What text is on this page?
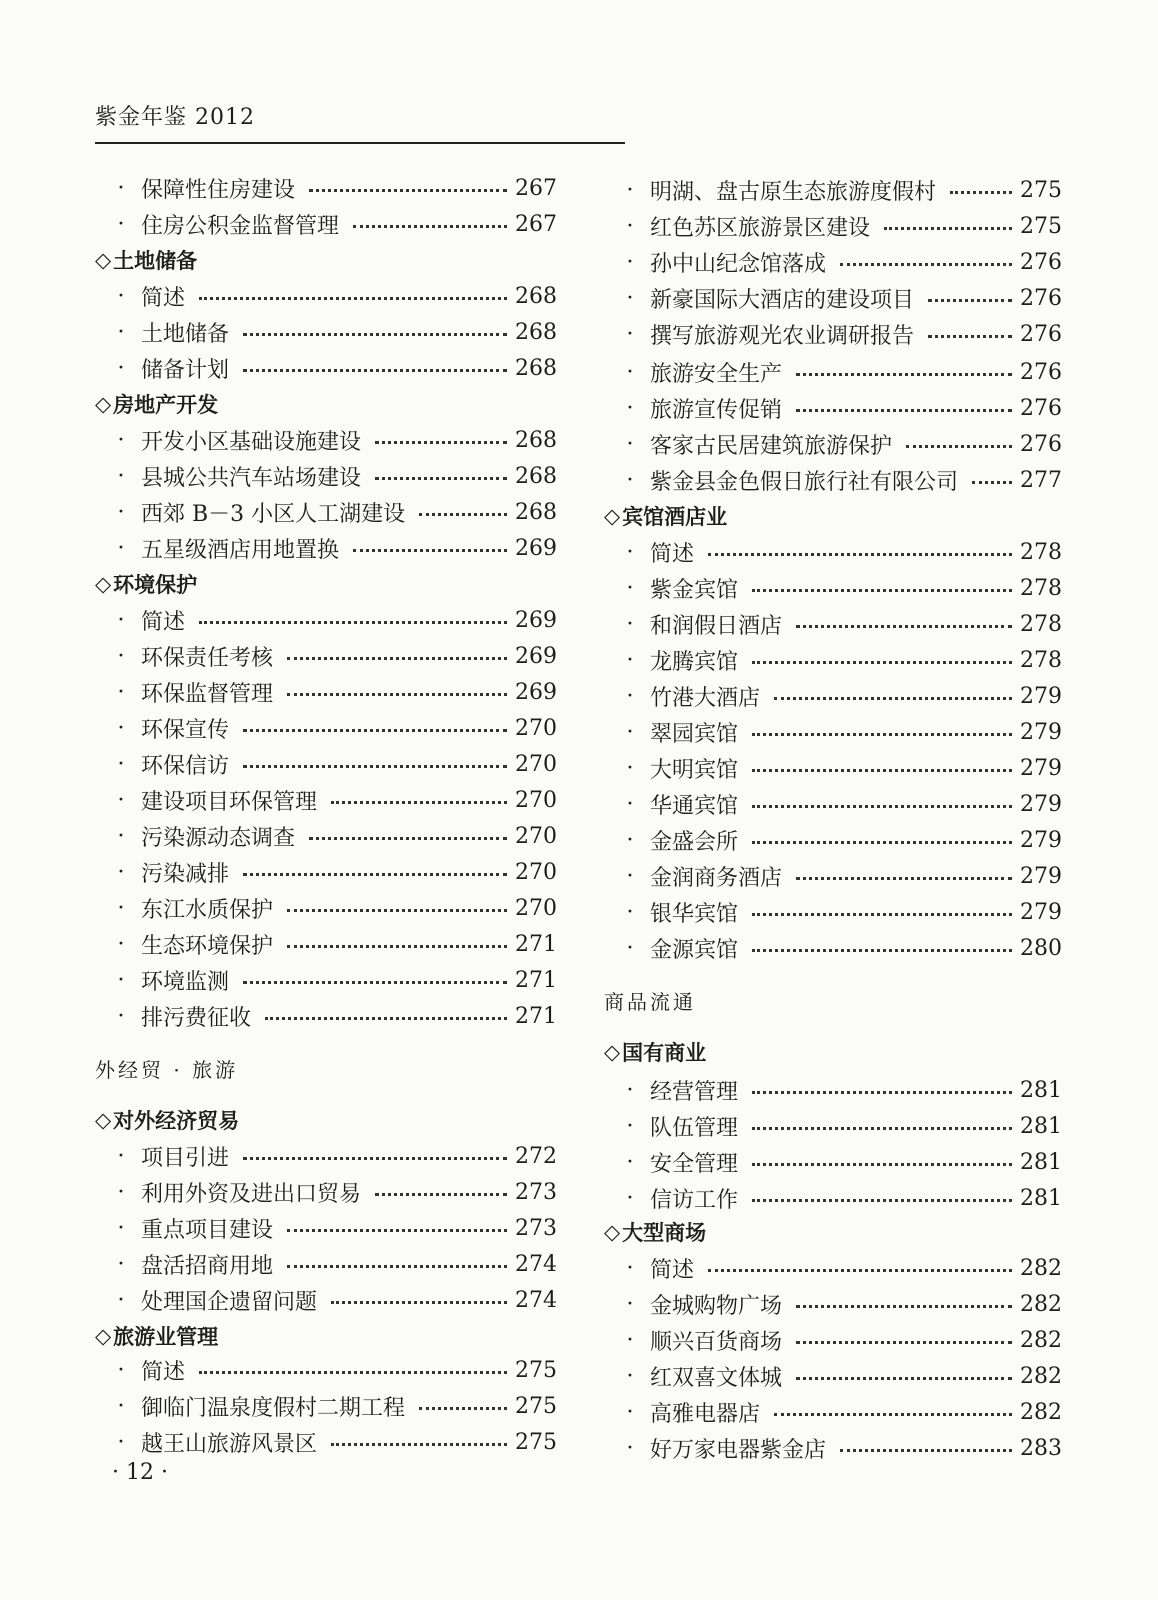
紫金年鉴 2012
· 保障性住房建设	267
· 住房公积金监督管理	267
◇ 土地储备
· 简述	268
· 土地储备	268
· 储备计划	268
◇ 房地产开发
· 开发小区基础设施建设	268
· 县城公共汽车站场建设	268
· 西郊 B－3 小区人工湖建设	268
· 五星级酒店用地置换	269
◇ 环境保护
· 简述	269
· 环保责任考核	269
· 环保监督管理	269
· 环保宣传	270
· 环保信访	270
· 建设项目环保管理	270
· 污染源动态调查	270
· 污染减排	270
· 东江水质保护	270
· 生态环境保护	271
· 环境监测	271
· 排污费征收	271
外经贸 · 旅游
◇ 对外经济贸易
· 项目引进	272
· 利用外资及进出口贸易	273
· 重点项目建设	273
· 盘活招商用地	274
· 处理国企遗留问题	274
◇ 旅游业管理
· 简述	275
· 御临门温泉度假村二期工程	275
· 越王山旅游风景区	275
· 明湖、盘古原生态旅游度假村	275
· 红色苏区旅游景区建设	275
· 孙中山纪念馆落成	276
· 新豪国际大酒店的建设项目	276
· 撰写旅游观光农业调研报告	276
· 旅游安全生产	276
· 旅游宣传促销	276
· 客家古民居建筑旅游保护	276
· 紫金县金色假日旅行社有限公司	277
◇ 宾馆酒店业
· 简述	278
· 紫金宾馆	278
· 和润假日酒店	278
· 龙腾宾馆	278
· 竹港大酒店	279
· 翠园宾馆	279
· 大明宾馆	279
· 华通宾馆	279
· 金盛会所	279
· 金润商务酒店	279
· 银华宾馆	279
· 金源宾馆	280
商品流通
◇ 国有商业
· 经营管理	281
· 队伍管理	281
· 安全管理	281
· 信访工作	281
◇ 大型商场
· 简述	282
· 金城购物广场	282
· 顺兴百货商场	282
· 红双喜文体城	282
· 高雅电器店	282
· 好万家电器紫金店	283
· 12 ·
